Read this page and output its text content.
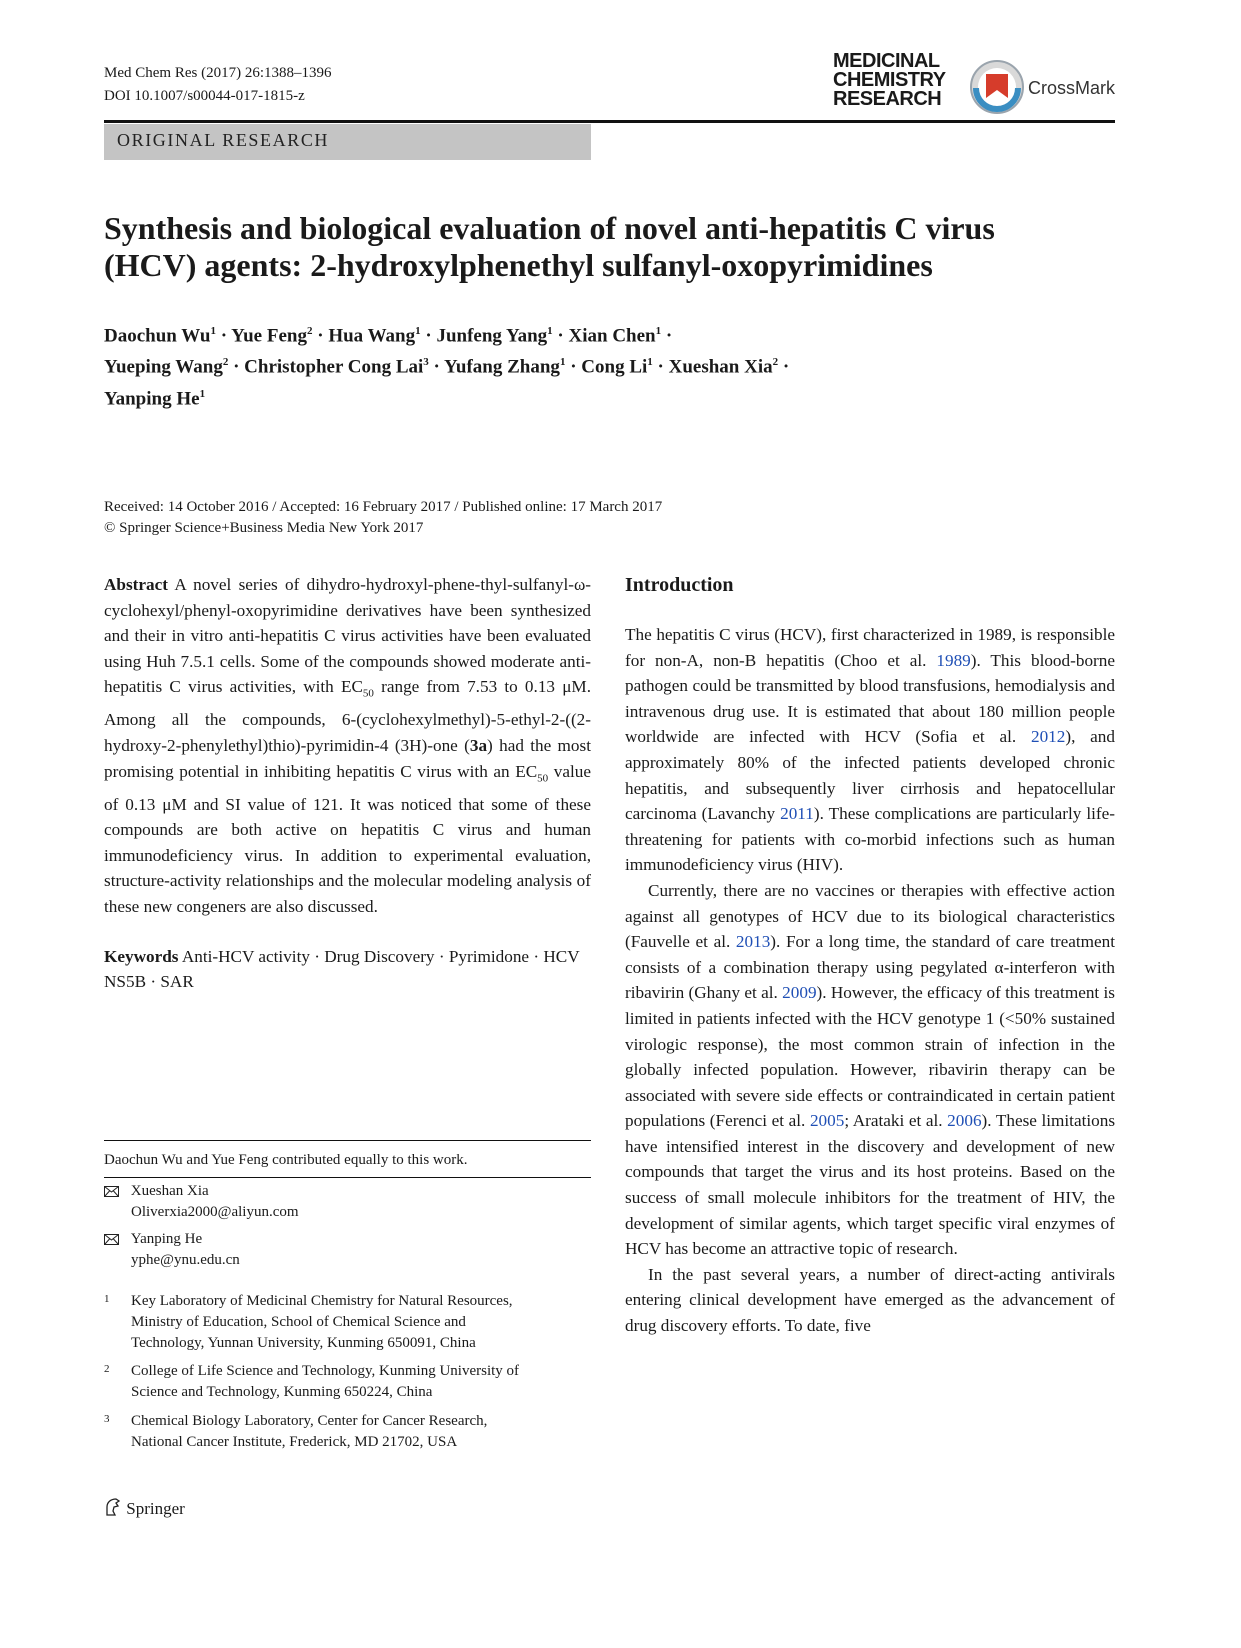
Med Chem Res (2017) 26:1388–1396
DOI 10.1007/s00044-017-1815-z
MEDICINAL
CHEMISTRY
RESEARCH	CrossMark
ORIGINAL RESEARCH
Synthesis and biological evaluation of novel anti-hepatitis C virus
(HCV) agents: 2-hydroxylphenethyl sulfanyl-oxopyrimidines
Daochun $Wu^1$ · Yue Feng$^2$ · Hua Wang$^1$ · Junfeng Yang$^1$ · Xian Chen$^1$ ·
Yueping Wang$^2$ · Christopher Cong Lai$^3$ · Yufang Zhang$^1$ · Cong $Li^1$ · Xueshan Xia$^2$ ·
Yanping He$^1$
Received: 14 October 2016 / Accepted: 16 February 2017 / Published online: 17 March 2017
© Springer Science+Business Media New York 2017

Abstract A novel series of dihydro-hydroxyl-phene-thyl-sulfanyl-ω-cyclohexyl/phenyl-oxopyrimidine derivatives have been synthesized and their in vitro anti-hepatitis C virus activities have been evaluated using Huh 7.5.1 cells. Some of the compounds showed moderate anti-hepatitis C virus activities, with $EC_{50}$ range from 7.53 to 0.13 μM. Among all the compounds, 6-(cyclohexylmethyl)-5-ethyl-2-((2-hydroxy-2-phenylethyl)thio)-pyrimidin-4 (3H)-one (3a) had the most promising potential in inhibiting hepatitis C virus with an $EC_{50}$ value of 0.13 μM and SI value of 121. It was noticed that some of these compounds are both active on hepatitis C virus and human immunodeficiency virus. In addition to experimental evaluation, structure-activity relationships and the molecular modeling analysis of these new congeners are also discussed.

Keywords Anti-HCV activity · Drug Discovery · Pyrimidone · HCV NS5B · SAR

Daochun Wu and Yue Feng contributed equally to this work.
Xueshan Xia
Oliverxia2000@aliyun.com
Yanping He
yphe@ynu.edu.cn
1 Key Laboratory of Medicinal Chemistry for Natural Resources,
Ministry of Education, School of Chemical Science and
Technology, Yunnan University, Kunming 650091, China
2 College of Life Science and Technology, Kunming University of
Science and Technology, Kunming 650224, China
3 Chemical Biology Laboratory, Center for Cancer Research,
National Cancer Institute, Frederick, MD 21702, USA
Introduction

The hepatitis C virus (HCV), first characterized in 1989, is responsible for non-A, non-B hepatitis (Choo et al. 1989). This blood-borne pathogen could be transmitted by blood transfusions, hemodialysis and intravenous drug use. It is estimated that about 180 million people worldwide are infected with HCV (Sofia et al. 2012), and approximately 80% of the infected patients developed chronic hepatitis, and subsequently liver cirrhosis and hepatocellular carcinoma (Lavanchy 2011). These complications are particularly life-threatening for patients with co-morbid infections such as human immunodeficiency virus (HIV).

Currently, there are no vaccines or therapies with effective action against all genotypes of HCV due to its biological characteristics (Fauvelle et al. 2013). For a long time, the standard of care treatment consists of a combination therapy using pegylated α-interferon with ribavirin (Ghany et al. 2009). However, the efficacy of this treatment is limited in patients infected with the HCV genotype 1 (<50% sustained virologic response), the most common strain of infection in the globally infected population. However, ribavirin therapy can be associated with severe side effects or contraindicated in certain patient populations (Ferenci et al. 2005; Arataki et al. 2006). These limitations have intensified interest in the discovery and development of new compounds that target the virus and its host proteins. Based on the success of small molecule inhibitors for the treatment of HIV, the development of similar agents, which target specific viral enzymes of HCV has become an attractive topic of research.

In the past several years, a number of direct-acting antivirals entering clinical development have emerged as the advancement of drug discovery efforts. To date, five

Springer
